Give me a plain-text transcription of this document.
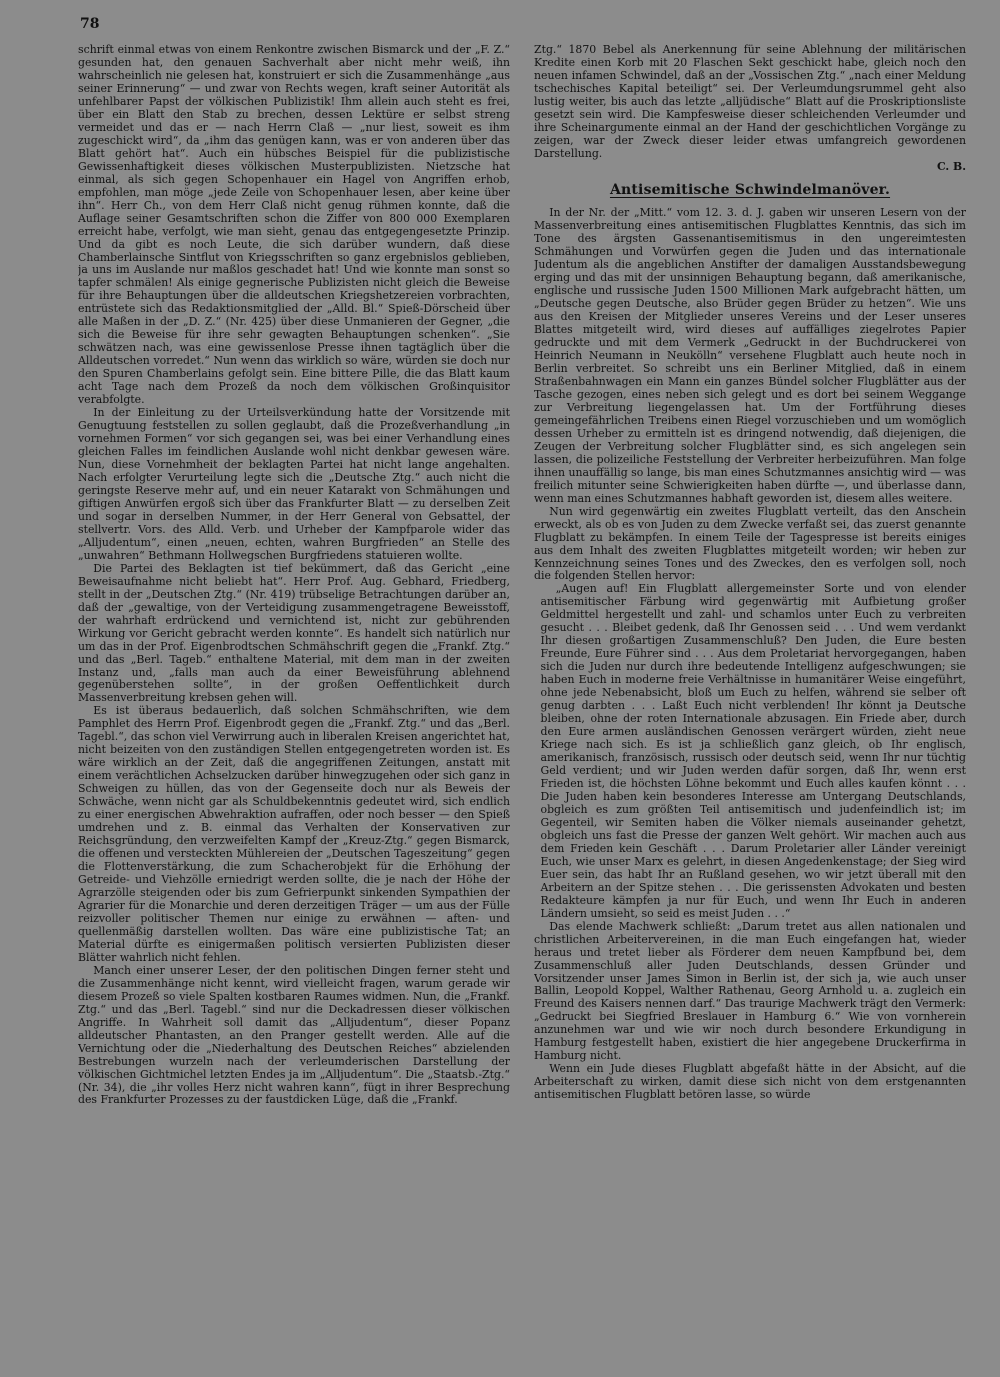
78

schrift einmal etwas von einem Renkontre zwischen Bismarck und der „F. Z.“ gesunden hat, den genauen Sachverhalt aber nicht mehr weiß, ihn wahrscheinlich nie gelesen hat, konstruiert er sich die Zusammenhänge „aus seiner Erinnerung“ — und zwar von Rechts wegen, kraft seiner Autorität als unfehlbarer Papst der völkischen Publizistik! Ihm allein auch steht es frei, über ein Blatt den Stab zu brechen, dessen Lektüre er selbst streng vermeidet und das er — nach Herrn Claß — „nur liest, soweit es ihm zugeschickt wird“, da „ihm das genügen kann, was er von anderen über das Blatt gehört hat“. Auch ein hübsches Beispiel für die publizistische Gewissenhaftigkeit dieses völkischen Musterpublizisten. Nietzsche hat einmal, als sich gegen Schopenhauer ein Hagel von Angriffen erhob, empfohlen, man möge „jede Zeile von Schopenhauer lesen, aber keine über ihn“. Herr Ch., von dem Herr Claß nicht genug rühmen konnte, daß die Auflage seiner Gesamtschriften schon die Ziffer von 800 000 Exemplaren erreicht habe, verfolgt, wie man sieht, genau das entgegengesetzte Prinzip. Und da gibt es noch Leute, die sich darüber wundern, daß diese Chamberlainsche Sintflut von Kriegsschriften so ganz ergebnislos geblieben, ja uns im Auslande nur maßlos geschadet hat! Und wie konnte man sonst so tapfer schmälen! Als einige gegnerische Publizisten nicht gleich die Beweise für ihre Behauptungen über die alldeutschen Kriegshetzereien vorbrachten, entrüstete sich das Redaktionsmitglied der „Alld. Bl.“ Spieß-Dörscheid über alle Maßen in der „D. Z.“ (Nr. 425) über diese Unmanieren der Gegner, „die sich die Beweise für ihre sehr gewagten Behauptungen schenken“. „Sie schwätzen nach, was eine gewissenlose Presse ihnen tagtäglich über die Alldeutschen vorredet.“ Nun wenn das wirklich so wäre, würden sie doch nur den Spuren Chamberlains gefolgt sein. Eine bittere Pille, die das Blatt kaum acht Tage nach dem Prozeß da noch dem völkischen Großinquisitor verabfolgte.

In der Einleitung zu der Urteilsverkündung hatte der Vorsitzende mit Genugtuung feststellen zu sollen geglaubt, daß die Prozeßverhandlung „in vornehmen Formen“ vor sich gegangen sei, was bei einer Verhandlung eines gleichen Falles im feindlichen Auslande wohl nicht denkbar gewesen wäre. Nun, diese Vornehmheit der beklagten Partei hat nicht lange angehalten. Nach erfolgter Verurteilung legte sich die „Deutsche Ztg.“ auch nicht die geringste Reserve mehr auf, und ein neuer Katarakt von Schmähungen und giftigen Anwürfen ergoß sich über das Frankfurter Blatt — zu derselben Zeit und sogar in derselben Nummer, in der Herr General von Gebsattel, der stellvertr. Vors. des Alld. Verb. und Urheber der Kampfparole wider das „Alljudentum“, einen „neuen, echten, wahren Burgfrieden“ an Stelle des „unwahren“ Bethmann Hollwegschen Burgfriedens statuieren wollte.

Die Partei des Beklagten ist tief bekümmert, daß das Gericht „eine Beweisaufnahme nicht beliebt hat“. Herr Prof. Aug. Gebhard, Friedberg, stellt in der „Deutschen Ztg.“ (Nr. 419) trübselige Betrachtungen darüber an, daß der „gewaltige, von der Verteidigung zusammengetragene Beweisstoff, der wahrhaft erdrückend und vernichtend ist, nicht zur gebührenden Wirkung vor Gericht gebracht werden konnte“. Es handelt sich natürlich nur um das in der Prof. Eigenbrodtschen Schmähschrift gegen die „Frankf. Ztg.“ und das „Berl. Tageb.“ enthaltene Material, mit dem man in der zweiten Instanz und, „falls man auch da einer Beweisführung ablehnend gegenüberstehen sollte“, in der großen Oeffentlichkeit durch Massenverbreitung krebsen gehen will.

Es ist überaus bedauerlich, daß solchen Schmähschriften, wie dem Pamphlet des Herrn Prof. Eigenbrodt gegen die „Frankf. Ztg.“ und das „Berl. Tagebl.“, das schon viel Verwirrung auch in liberalen Kreisen angerichtet hat, nicht beizeiten von den zuständigen Stellen entgegengetreten worden ist. Es wäre wirklich an der Zeit, daß die angegriffenen Zeitungen, anstatt mit einem verächtlichen Achselzucken darüber hinwegzugehen oder sich ganz in Schweigen zu hüllen, das von der Gegenseite doch nur als Beweis der Schwäche, wenn nicht gar als Schuldbekenntnis gedeutet wird, sich endlich zu einer energischen Abwehraktion aufraffen, oder noch besser — den Spieß umdrehen und z. B. einmal das Verhalten der Konservativen zur Reichsgründung, den verzweifelten Kampf der „Kreuz-Ztg.“ gegen Bismarck, die offenen und versteckten Mühlereien der „Deutschen Tageszeitung“ gegen die Flottenverstärkung, die zum Schacherobjekt für die Erhöhung der Getreide- und Viehzölle erniedrigt werden sollte, die je nach der Höhe der Agrarzölle steigenden oder bis zum Gefrierpunkt sinkenden Sympathien der Agrarier für die Monarchie und deren derzeitigen Träger — um aus der Fülle reizvoller politischer Themen nur einige zu erwähnen — aften- und quellenmäßig darstellen wollten. Das wäre eine publizistische Tat; an Material dürfte es einigermaßen politisch versierten Publizisten dieser Blätter wahrlich nicht fehlen.

Manch einer unserer Leser, der den politischen Dingen ferner steht und die Zusammenhänge nicht kennt, wird vielleicht fragen, warum gerade wir diesem Prozeß so viele Spalten kostbaren Raumes widmen. Nun, die „Frankf. Ztg.“ und das „Berl. Tagebl.“ sind nur die Deckadressen dieser völkischen Angriffe. In Wahrheit soll damit das „Alljudentum“, dieser Popanz alldeutscher Phantasten, an den Pranger gestellt werden. Alle auf die Vernichtung oder die „Niederhaltung des Deutschen Reiches“ abzielenden Bestrebungen wurzeln nach der verleumderischen Darstellung der völkischen Gichtmichel letzten Endes ja im „Alljudentum“. Die „Staatsb.-Ztg.“ (Nr. 34), die „ihr volles Herz nicht wahren kann“, fügt in ihrer Besprechung des Frankfurter Prozesses zu der faustdicken Lüge, daß die „Frankf.

Ztg.“ 1870 Bebel als Anerkennung für seine Ablehnung der militärischen Kredite einen Korb mit 20 Flaschen Sekt geschickt habe, gleich noch den neuen infamen Schwindel, daß an der „Vossischen Ztg.“ „nach einer Meldung tschechisches Kapital beteiligt“ sei. Der Verleumdungsrummel geht also lustig weiter, bis auch das letzte „alljüdische“ Blatt auf die Proskriptionsliste gesetzt sein wird. Die Kampfesweise dieser schleichenden Verleumder und ihre Scheinargumente einmal an der Hand der geschichtlichen Vorgänge zu zeigen, war der Zweck dieser leider etwas umfangreich gewordenen Darstellung.

C. B.
Antisemitische Schwindelmanöver.

In der Nr. der „Mitt.“ vom 12. 3. d. J. gaben wir unseren Lesern von der Massenverbreitung eines antisemitischen Flugblattes Kenntnis, das sich im Tone des ärgsten Gassenantisemitismus in den ungereimtesten Schmähungen und Vorwürfen gegen die Juden und das internationale Judentum als die angeblichen Anstifter der damaligen Ausstandsbewegung erging und das mit der unsinnigen Behauptung begann, daß amerikanische, englische und russische Juden 1500 Millionen Mark aufgebracht hätten, um „Deutsche gegen Deutsche, also Brüder gegen Brüder zu hetzen“. Wie uns aus den Kreisen der Mitglieder unseres Vereins und der Leser unseres Blattes mitgeteilt wird, wird dieses auf auffälliges ziegelrotes Papier gedruckte und mit dem Vermerk „Gedruckt in der Buchdruckerei von Heinrich Neumann in Neukölln“ versehene Flugblatt auch heute noch in Berlin verbreitet. So schreibt uns ein Berliner Mitglied, daß in einem Straßenbahnwagen ein Mann ein ganzes Bündel solcher Flugblätter aus der Tasche gezogen, eines neben sich gelegt und es dort bei seinem Weggange zur Verbreitung liegengelassen hat. Um der Fortführung dieses gemeingefährlichen Treibens einen Riegel vorzuschieben und um womöglich dessen Urheber zu ermitteln ist es dringend notwendig, daß diejenigen, die Zeugen der Verbreitung solcher Flugblätter sind, es sich angelegen sein lassen, die polizeiliche Feststellung der Verbreiter herbeizuführen. Man folge ihnen unauffällig so lange, bis man eines Schutzmannes ansichtig wird — was freilich mitunter seine Schwierigkeiten haben dürfte —, und überlasse dann, wenn man eines Schutzmannes habhaft geworden ist, diesem alles weitere.

Nun wird gegenwärtig ein zweites Flugblatt verteilt, das den Anschein erweckt, als ob es von Juden zu dem Zwecke verfaßt sei, das zuerst genannte Flugblatt zu bekämpfen. In einem Teile der Tagespresse ist bereits einiges aus dem Inhalt des zweiten Flugblattes mitgeteilt worden; wir heben zur Kennzeichnung seines Tones und des Zweckes, den es verfolgen soll, noch die folgenden Stellen hervor:

„Augen auf! Ein Flugblatt allergemeinster Sorte und von elender antisemitischer Färbung wird gegenwärtig mit Aufbietung großer Geldmittel hergestellt und zahl- und schamlos unter Euch zu verbreiten gesucht . . . Bleibet gedenk, daß Ihr Genossen seid . . . Und wem verdankt Ihr diesen großartigen Zusammenschluß? Den Juden, die Eure besten Freunde, Eure Führer sind . . . Aus dem Proletariat hervorgegangen, haben sich die Juden nur durch ihre bedeutende Intelligenz aufgeschwungen; sie haben Euch in moderne freie Verhältnisse in humanitärer Weise eingeführt, ohne jede Nebenabsicht, bloß um Euch zu helfen, während sie selber oft genug darbten . . . Laßt Euch nicht verblenden! Ihr könnt ja Deutsche bleiben, ohne der roten Internationale abzusagen. Ein Friede aber, durch den Eure armen ausländischen Genossen verärgert würden, zieht neue Kriege nach sich. Es ist ja schließlich ganz gleich, ob Ihr englisch, amerikanisch, französisch, russisch oder deutsch seid, wenn Ihr nur tüchtig Geld verdient; und wir Juden werden dafür sorgen, daß Ihr, wenn erst Frieden ist, die höchsten Löhne bekommt und Euch alles kaufen könnt . . . Die Juden haben kein besonderes Interesse am Untergang Deutschlands, obgleich es zum größten Teil antisemitisch und judenfeindlich ist; im Gegenteil, wir Semiten haben die Völker niemals auseinander gehetzt, obgleich uns fast die Presse der ganzen Welt gehört. Wir machen auch aus dem Frieden kein Geschäft . . . Darum Proletarier aller Länder vereinigt Euch, wie unser Marx es gelehrt, in diesen Angedenkenstage; der Sieg wird Euer sein, das habt Ihr an Rußland gesehen, wo wir jetzt überall mit den Arbeitern an der Spitze stehen . . . Die gerissensten Advokaten und besten Redakteure kämpfen ja nur für Euch, und wenn Ihr Euch in anderen Ländern umsieht, so seid es meist Juden . . .“

Das elende Machwerk schließt: „Darum tretet aus allen nationalen und christlichen Arbeitervereinen, in die man Euch eingefangen hat, wieder heraus und tretet lieber als Förderer dem neuen Kampfbund bei, dem Zusammenschluß aller Juden Deutschlands, dessen Gründer und Vorsitzender unser James Simon in Berlin ist, der sich ja, wie auch unser Ballin, Leopold Koppel, Walther Rathenau, Georg Arnhold u. a. zugleich ein Freund des Kaisers nennen darf.“ Das traurige Machwerk trägt den Vermerk: „Gedruckt bei Siegfried Breslauer in Hamburg 6.“ Wie von vornherein anzunehmen war und wie wir noch durch besondere Erkundigung in Hamburg festgestellt haben, existiert die hier angegebene Druckerfirma in Hamburg nicht.

Wenn ein Jude dieses Flugblatt abgefaßt hätte in der Absicht, auf die Arbeiterschaft zu wirken, damit diese sich nicht von dem erstgenannten antisemitischen Flugblatt betören lasse, so würde
